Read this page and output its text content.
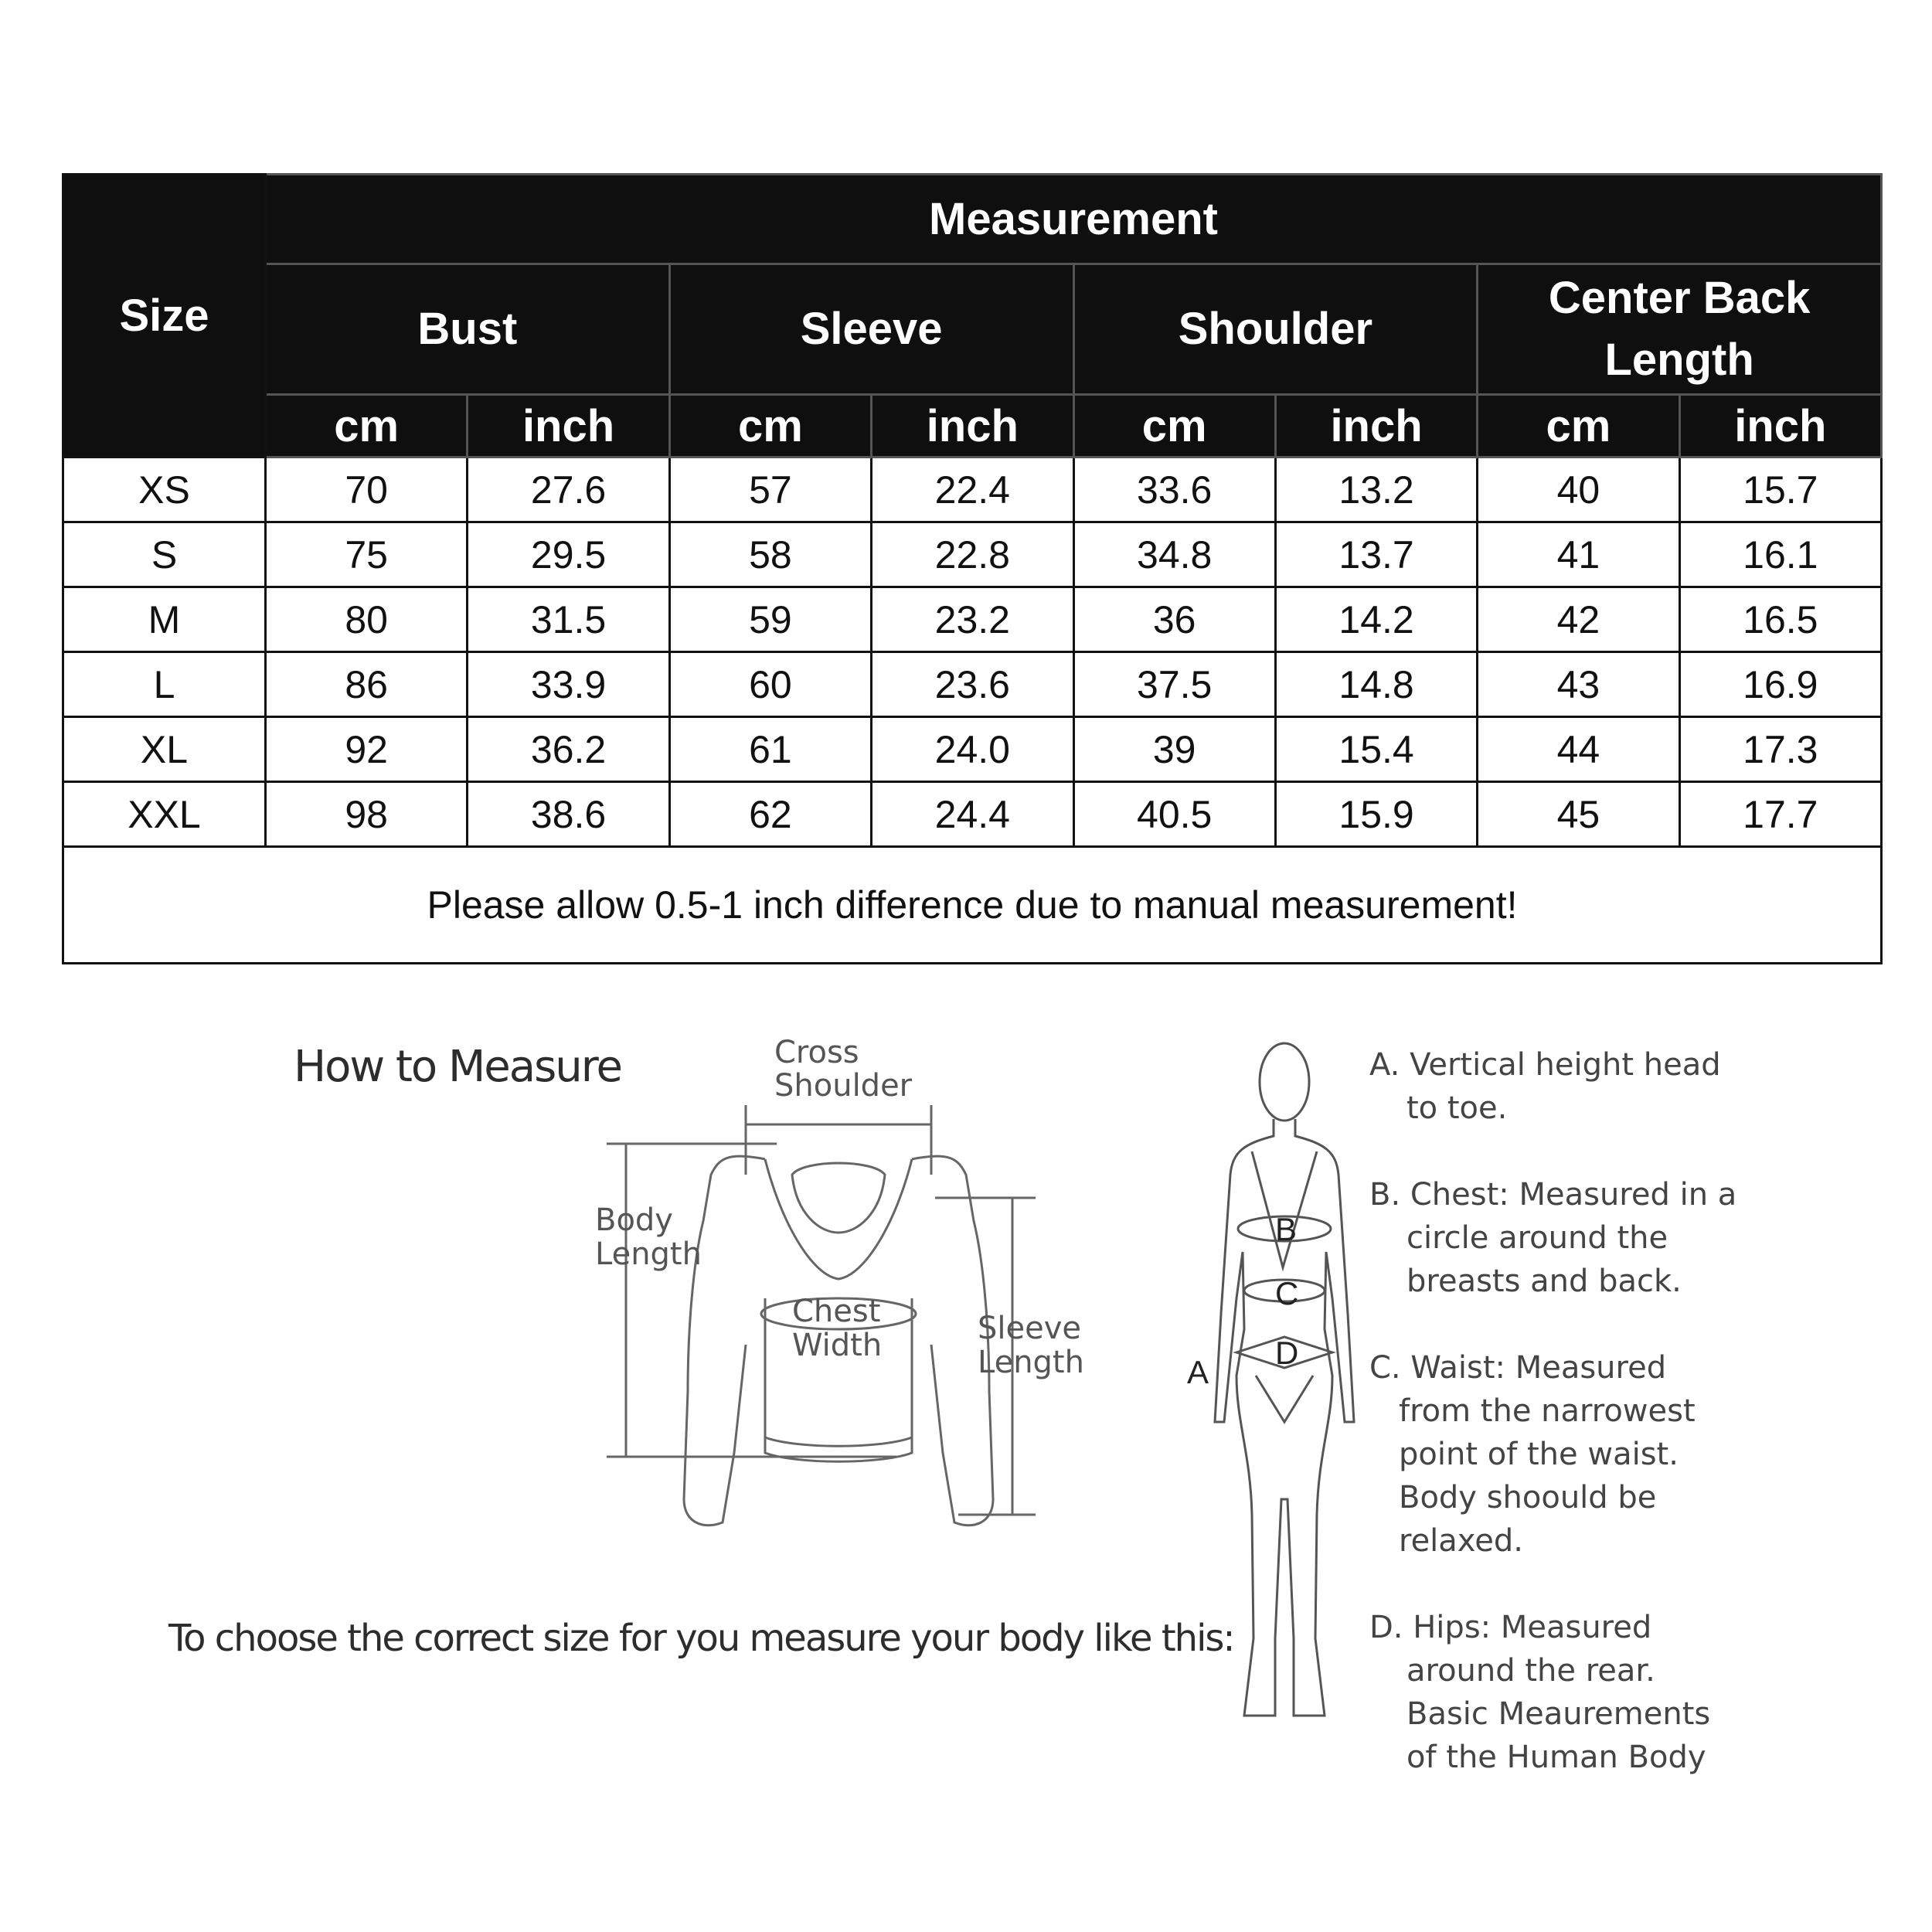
Size	Measurement							
	Bust		Sleeve		Shoulder		Center Back Length	
	cm	inch	cm	inch	cm	inch	cm	inch
XS	70	27.6	57	22.4	33.6	13.2	40	15.7
S	75	29.5	58	22.8	34.8	13.7	41	16.1
M	80	31.5	59	23.2	36	14.2	42	16.5
L	86	33.9	60	23.6	37.5	14.8	43	16.9
XL	92	36.2	61	24.0	39	15.4	44	17.3
XXL	98	38.6	62	24.4	40.5	15.9	45	17.7
Please allow 0.5-1 inch difference due to manual measurement!								

How to Measure

To choose the correct size for you measure your body like this:

Cross
Shoulder
Body
Length
Chest
Width	Sleeve
Length
B
C
D
A
A. Vertical height head
to toe.
B. Chest: Measured in a
circle around the
breasts and back.
C. Waist: Measured
from the narrowest
point of the waist.
Body shoould be
relaxed.
D. Hips: Measured
around the rear.
Basic Meaurements
of the Human Body
